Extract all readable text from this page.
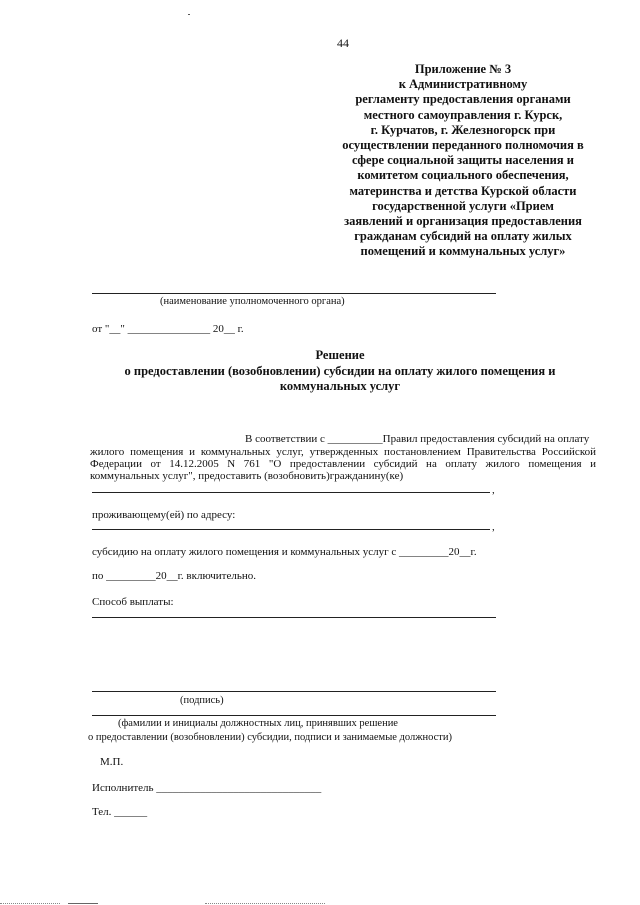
44
Приложение № 3
к Административному
регламенту предоставления органами
местного самоуправления г. Курск,
г. Курчатов, г. Железногорск при
осуществлении переданного полномочия в
сфере социальной защиты населения и
комитетом социального обеспечения,
материнства и детства Курской области
государственной услуги «Прием
заявлений и организация предоставления
гражданам субсидий на оплату жилых
помещений и коммунальных услуг»
(наименование уполномоченного органа)
от "__" _______________ 20__ г.
Решение
о предоставлении (возобновлении) субсидии на оплату жилого помещения и
коммунальных услуг
В соответствии с __________Правил предоставления субсидий на оплату
жилого помещения и коммунальных услуг, утвержденных постановлением Правительства Российской
Федерации от 14.12.2005 N 761 "О предоставлении субсидий на оплату жилого помещения и
коммунальных услуг", предоставить (возобновить)гражданину(ке)
,
проживающему(ей) по адресу:
,
субсидию на оплату жилого помещения и коммунальных услуг с _________20__г.
по _________20__г. включительно.
Способ выплаты:
(подпись)
(фамилии и инициалы должностных лиц, принявших решение
о предоставлении (возобновлении) субсидии, подписи и занимаемые должности)
М.П.
Исполнитель ______________________________
Тел. ______
